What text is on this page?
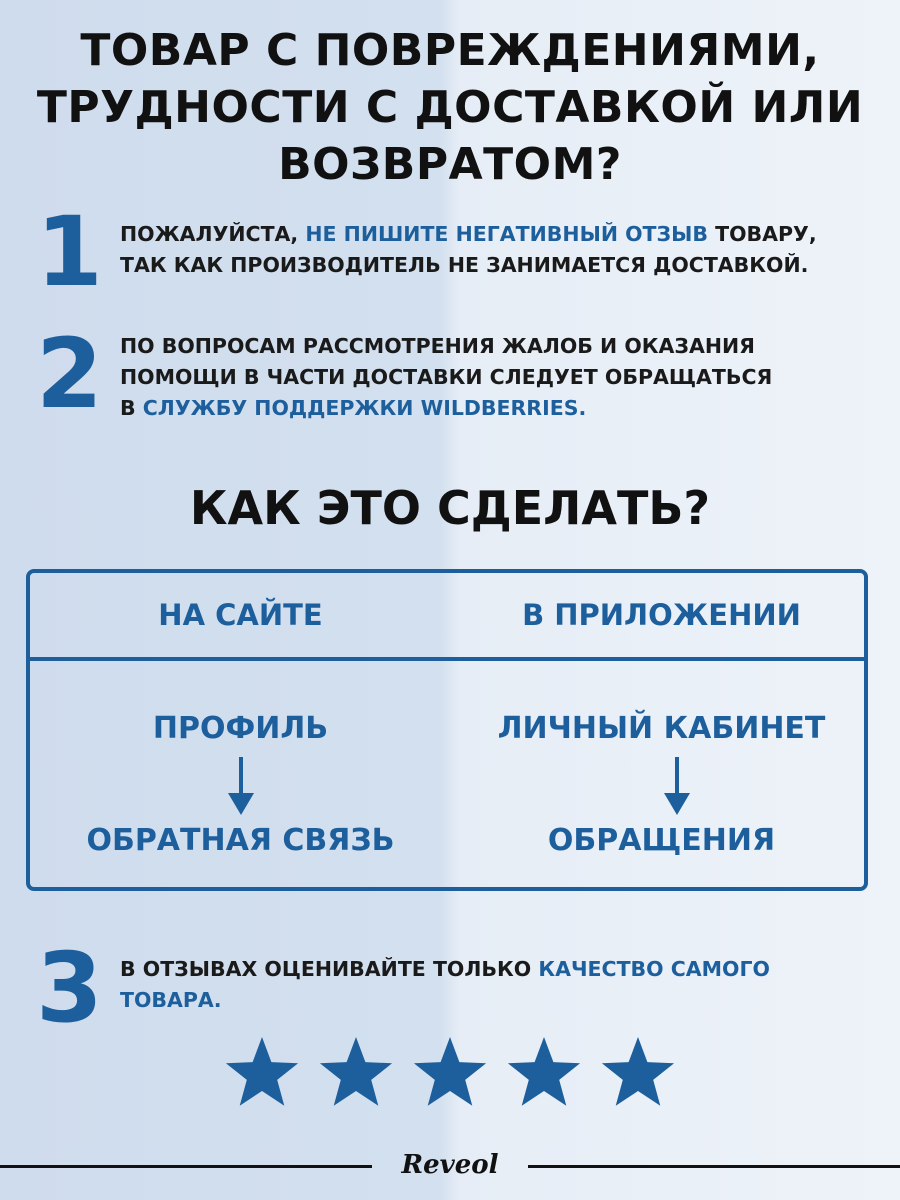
ТОВАР С ПОВРЕЖДЕНИЯМИ,
ТРУДНОСТИ С ДОСТАВКОЙ ИЛИ
ВОЗВРАТОМ?
1 ПОЖАЛУЙСТА, НЕ ПИШИТЕ НЕГАТИВНЫЙ ОТЗЫВ ТОВАРУ,
ТАК КАК ПРОИЗВОДИТЕЛЬ НЕ ЗАНИМАЕТСЯ ДОСТАВКОЙ.
2 ПО ВОПРОСАМ РАССМОТРЕНИЯ ЖАЛОБ И ОКАЗАНИЯ
ПОМОЩИ В ЧАСТИ ДОСТАВКИ СЛЕДУЕТ ОБРАЩАТЬСЯ
В СЛУЖБУ ПОДДЕРЖКИ WILDBERRIES.
КАК ЭТО СДЕЛАТЬ?
НА САЙТЕ	В ПРИЛОЖЕНИИ
ПРОФИЛЬ
ОБРАТНАЯ СВЯЗЬ
ЛИЧНЫЙ КАБИНЕТ
ОБРАЩЕНИЯ
3 В ОТЗЫВАХ ОЦЕНИВАЙТЕ ТОЛЬКО КАЧЕСТВО САМОГО
ТОВАРА.
Reveol
